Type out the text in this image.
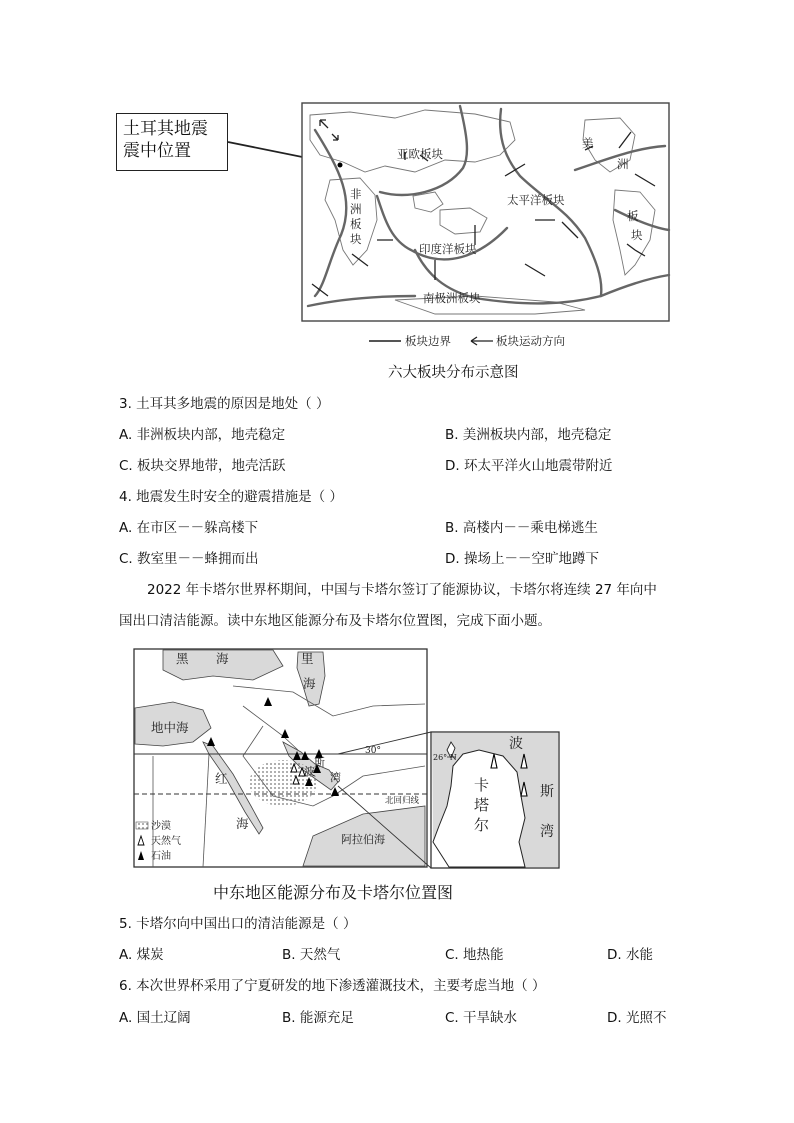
土耳其地震
震中位置	亚欧板块
非
洲
板
块
美
洲
板
块
太平洋板块
印度洋板块
南极洲板块
板块边界	板块运动方向
六大板块分布示意图
3. 土耳其多地震的原因是地处（ ）
A. 非洲板块内部，地壳稳定	B. 美洲板块内部，地壳稳定
C. 板块交界地带，地壳活跃	D. 环太平洋火山地震带附近
4. 地震发生时安全的避震措施是（ ）
A. 在市区－－躲高楼下	B. 高楼内－－乘电梯逃生
C. 教室里－－蜂拥而出	D. 操场上－－空旷地蹲下
2022 年卡塔尔世界杯期间，中国与卡塔尔签订了能源协议，卡塔尔将连续 27 年向中
国出口清洁能源。读中东地区能源分布及卡塔尔位置图，完成下面小题。
黑 海	里
海
地中海
红
海
波
斯
湾
阿拉伯海
30°
北回归线
沙漠
天然气
石油
26° N
波
斯
湾
卡
塔
尔
中东地区能源分布及卡塔尔位置图
5. 卡塔尔向中国出口的清洁能源是（ ）
A. 煤炭	B. 天然气	C. 地热能	D. 水能
6. 本次世界杯采用了宁夏研发的地下渗透灌溉技术，主要考虑当地（ ）
A. 国土辽阔	B. 能源充足	C. 干旱缺水	D. 光照不
